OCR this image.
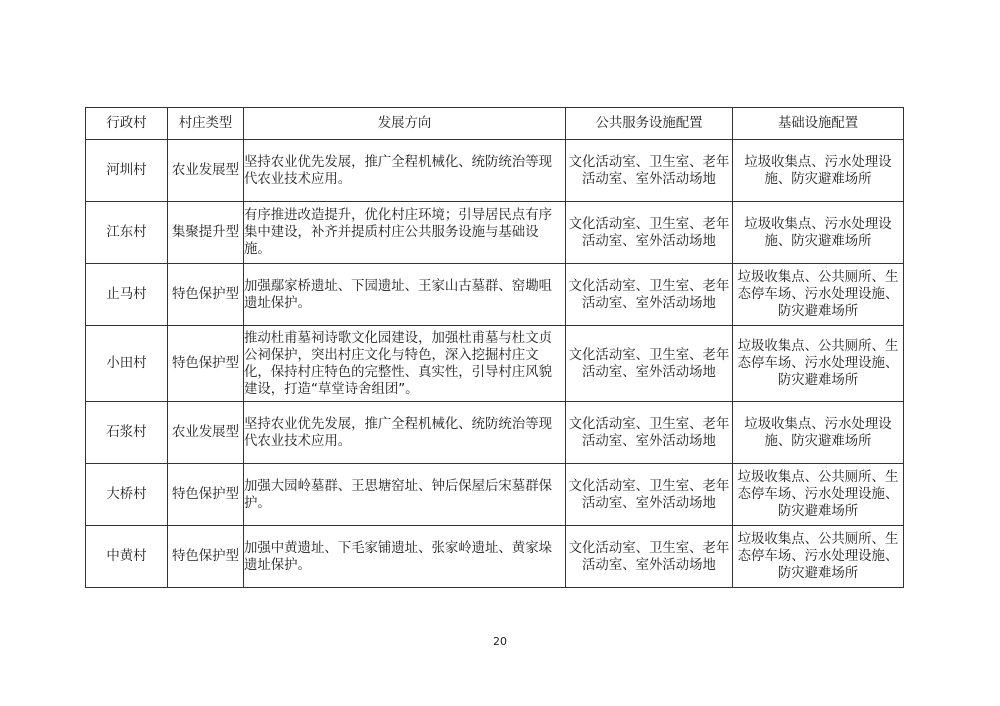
行政村	村庄类型	发展方向	公共服务设施配置	基础设施配置
河圳村	农业发展型	坚持农业优先发展，推广全程机械化、统防统治等现代农业技术应用。	文化活动室、卫生室、老年活动室、室外活动场地	垃圾收集点、污水处理设施、防灾避难场所
江东村	集聚提升型	有序推进改造提升，优化村庄环境；引导居民点有序集中建设，补齐并提质村庄公共服务设施与基础设施。	文化活动室、卫生室、老年活动室、室外活动场地	垃圾收集点、污水处理设施、防灾避难场所
止马村	特色保护型	加强鄢家桥遗址、下园遗址、王家山古墓群、窑墈咀遗址保护。	文化活动室、卫生室、老年活动室、室外活动场地	垃圾收集点、公共厕所、生态停车场、污水处理设施、防灾避难场所
小田村	特色保护型	推动杜甫墓祠诗歌文化园建设，加强杜甫墓与杜文贞公祠保护，突出村庄文化与特色，深入挖掘村庄文化，保持村庄特色的完整性、真实性，引导村庄风貌建设，打造“草堂诗舍组团”。	文化活动室、卫生室、老年活动室、室外活动场地	垃圾收集点、公共厕所、生态停车场、污水处理设施、防灾避难场所
石浆村	农业发展型	坚持农业优先发展，推广全程机械化、统防统治等现代农业技术应用。	文化活动室、卫生室、老年活动室、室外活动场地	垃圾收集点、污水处理设施、防灾避难场所
大桥村	特色保护型	加强大园岭墓群、王思塘窑址、钟后保屋后宋墓群保护。	文化活动室、卫生室、老年活动室、室外活动场地	垃圾收集点、公共厕所、生态停车场、污水处理设施、防灾避难场所
中黄村	特色保护型	加强中黄遗址、下毛家铺遗址、张家岭遗址、黄家垛遗址保护。	文化活动室、卫生室、老年活动室、室外活动场地	垃圾收集点、公共厕所、生态停车场、污水处理设施、防灾避难场所
20
